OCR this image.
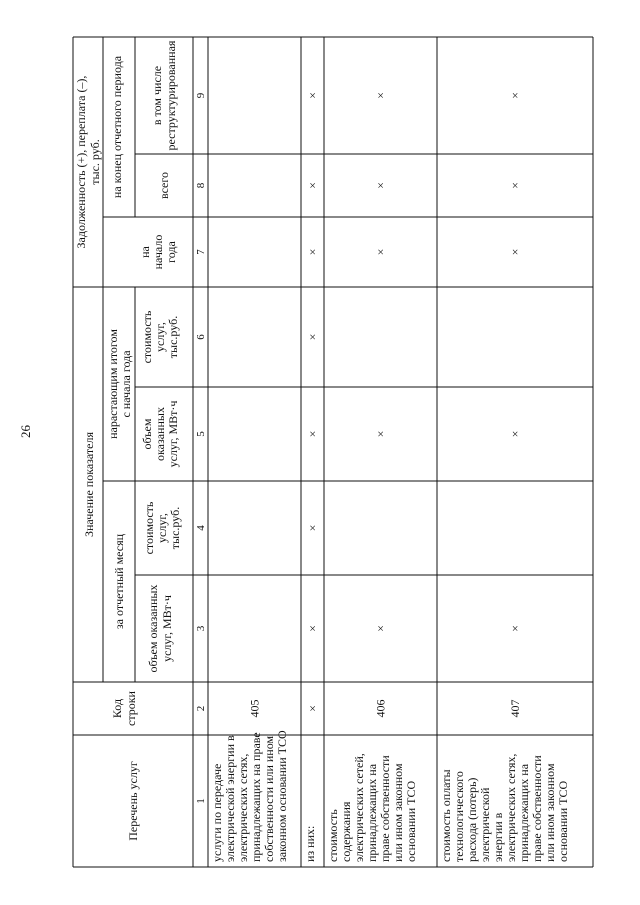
26
Перечень услуг
Кодстроки
Значение показателя
за отчетный месяц
нарастающим итогомс начала года
объем оказанныхуслуг, МВт·ч
стоимостьуслуг,тыс.руб.
объемоказанныхуслуг, МВт·ч
стоимостьуслуг,тыс.руб.
Задолженность (+), переплата (–),тыс. руб.
наначалогода
на конец отчетного периода	всего
в том числереструктурированная
1
2
3
4
5
6
7
8
9
услуги по передачеэлектрической энергии вэлектрических сетях,принадлежащих на правесобственности или иномзаконном основании ТСО
405
из них:
×
×
×
×
×
×
×
×
стоимостьсодержанияэлектрических сетей,принадлежащих направе собственностиили ином законномосновании ТСО
406
×
×
×
×
×
стоимость оплатытехнологическогорасхода (потерь)электрическойэнергии вэлектрических сетях,принадлежащих направе собственностиили ином законномосновании ТСО
407
×
×
×
×
×
